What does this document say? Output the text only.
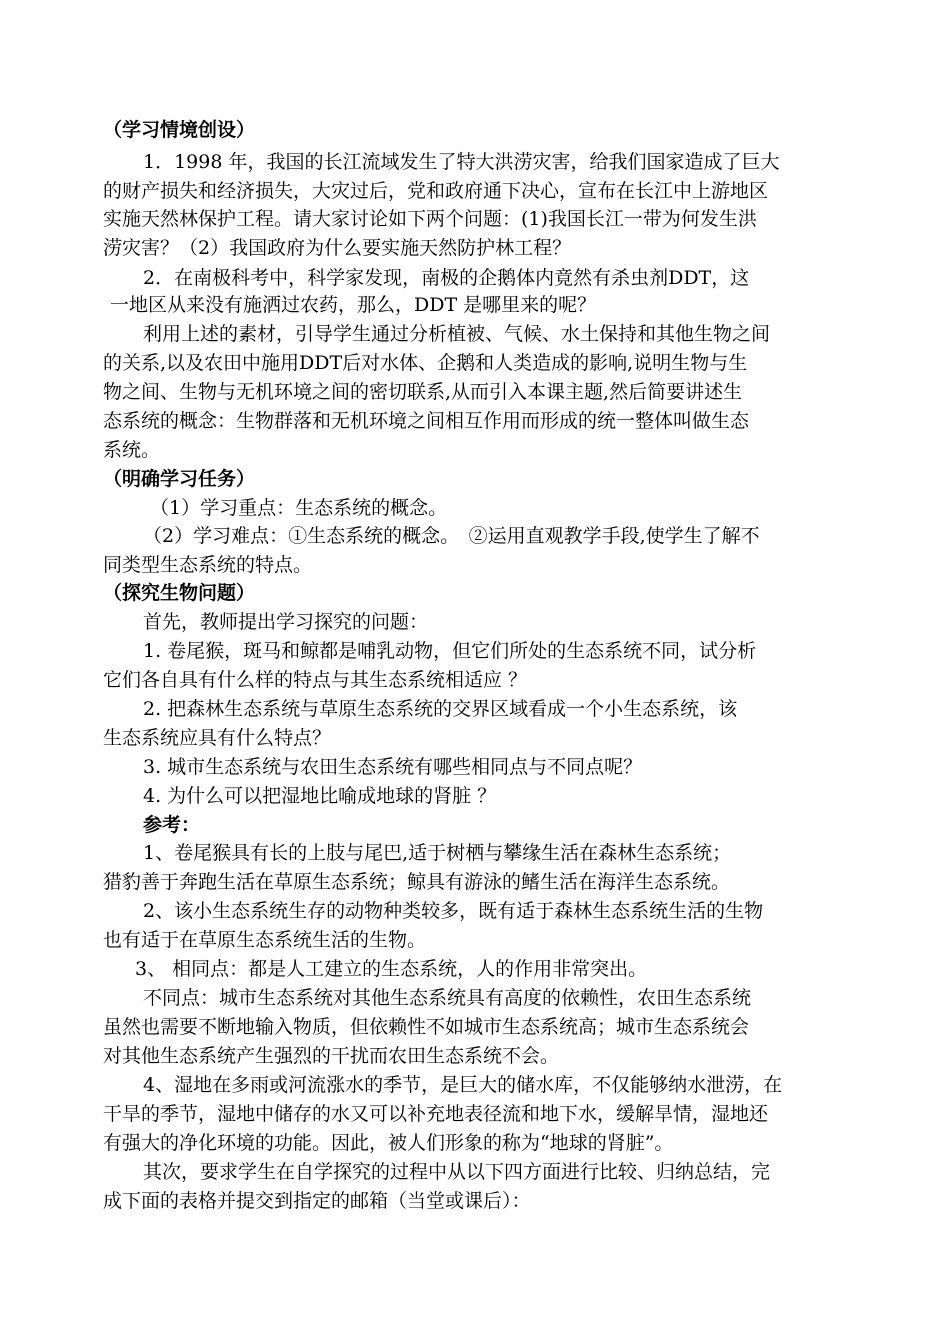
（学习情境创设）
1．1998 年，我国的长江流域发生了特大洪涝灾害，给我们国家造成了巨大
的财产损失和经济损失，大灾过后，党和政府通下决心，宣布在长江中上游地区
实施天然林保护工程。请大家讨论如下两个问题：(1)我国长江一带为何发生洪
涝灾害？（2）我国政府为什么要实施天然防护林工程？
2．在南极科考中，科学家发现，南极的企鹅体内竟然有杀虫剂DDT，这
一地区从来没有施洒过农药，那么，DDT 是哪里来的呢？
利用上述的素材，引导学生通过分析植被、气候、水土保持和其他生物之间
的关系,以及农田中施用DDT后对水体、企鹅和人类造成的影响,说明生物与生
物之间、生物与无机环境之间的密切联系,从而引入本课主题,然后简要讲述生
态系统的概念：生物群落和无机环境之间相互作用而形成的统一整体叫做生态
系统。
（明确学习任务）
（1）学习重点：生态系统的概念。
（2）学习难点：①生态系统的概念。　②运用直观教学手段,使学生了解不
同类型生态系统的特点。
（探究生物问题）
首先，教师提出学习探究的问题：
1. 卷尾猴，斑马和鲸都是哺乳动物，但它们所处的生态系统不同，试分析
它们各自具有什么样的特点与其生态系统相适应 ？
2. 把森林生态系统与草原生态系统的交界区域看成一个小生态系统，该
生态系统应具有什么特点？
3. 城市生态系统与农田生态系统有哪些相同点与不同点呢？
4. 为什么可以把湿地比喻成地球的肾脏 ？
参考：
1、卷尾猴具有长的上肢与尾巴,适于树栖与攀缘生活在森林生态系统；
猎豹善于奔跑生活在草原生态系统；鲸具有游泳的鳍生活在海洋生态系统。
2、该小生态系统生存的动物种类较多，既有适于森林生态系统生活的生物
也有适于在草原生态系统生活的生物。
3、 相同点：都是人工建立的生态系统，人的作用非常突出。
不同点：城市生态系统对其他生态系统具有高度的依赖性，农田生态系统
虽然也需要不断地输入物质，但依赖性不如城市生态系统高；城市生态系统会
对其他生态系统产生强烈的干扰而农田生态系统不会。
4、湿地在多雨或河流涨水的季节，是巨大的储水库，不仅能够纳水泄涝，在
干旱的季节，湿地中储存的水又可以补充地表径流和地下水，缓解旱情，湿地还
有强大的净化环境的功能。因此，被人们形象的称为“地球的肾脏”。
其次，要求学生在自学探究的过程中从以下四方面进行比较、归纳总结，完
成下面的表格并提交到指定的邮箱（当堂或课后）：
